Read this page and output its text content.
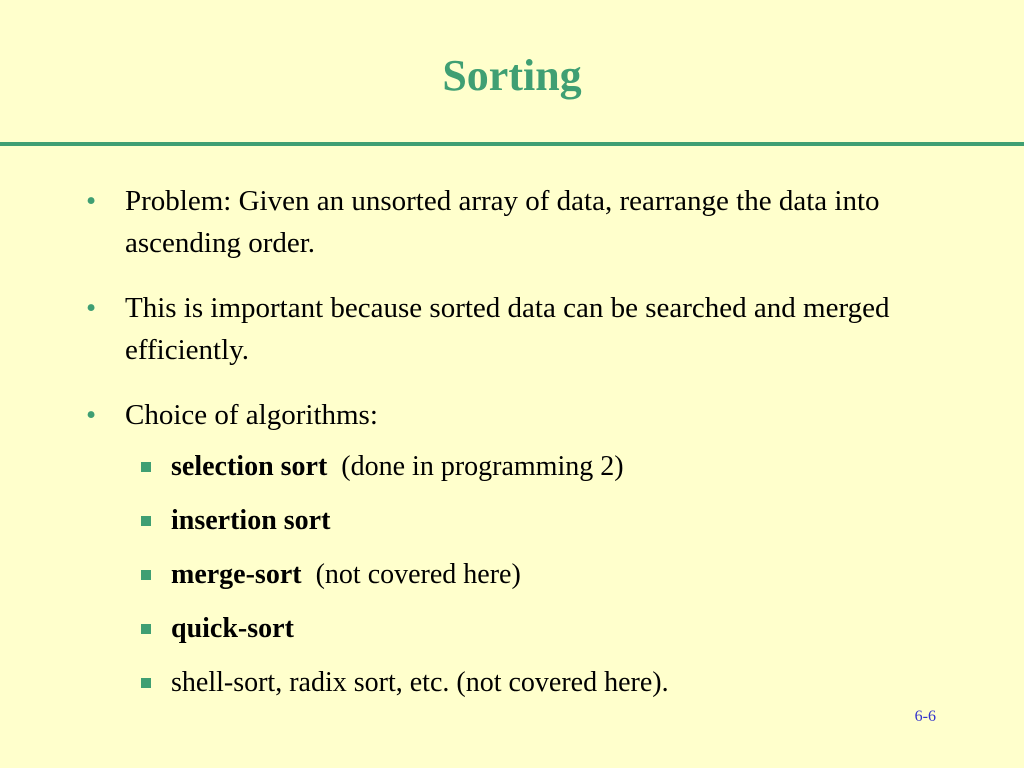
Sorting
• Problem: Given an unsorted array of data, rearrange the data into ascending order.
• This is important because sorted data can be searched and merged efficiently.
• Choice of algorithms:
selection sort (done in programming 2)
insertion sort
merge-sort (not covered here)
quick-sort
shell-sort, radix sort, etc. (not covered here).
6-6
